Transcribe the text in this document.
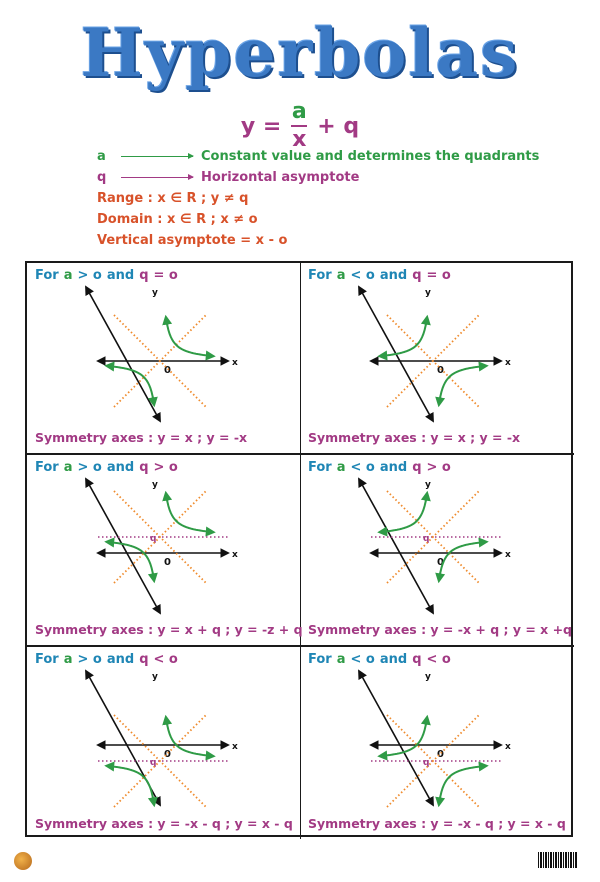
Hyperbolas
$y = \frac{a}{x} + q$
a	Constant value and determines the quadrants
q	Horizontal asymptote
Range : x ∈ R ; y ≠ q
Domain : x ∈ R ; x ≠ o
Vertical asymptote = x - o
For a > o and q = o
x
y
0
Symmetry axes : y = x ; y = -x
For a < o and q = o
x
y
0
Symmetry axes : y = x ; y = -x
For a > o and q > o
x
y
0
q
Symmetry axes : y = x + q ; y = -z + q
For a < o and q > o
x
y
0
q
Symmetry axes : y = -x + q ; y = x +q
For a > o and q < o
x
y
0
q
Symmetry axes : y = -x - q ; y = x - q
For a < o and q < o
x
y
0
q
Symmetry axes : y = -x - q ; y = x - q
